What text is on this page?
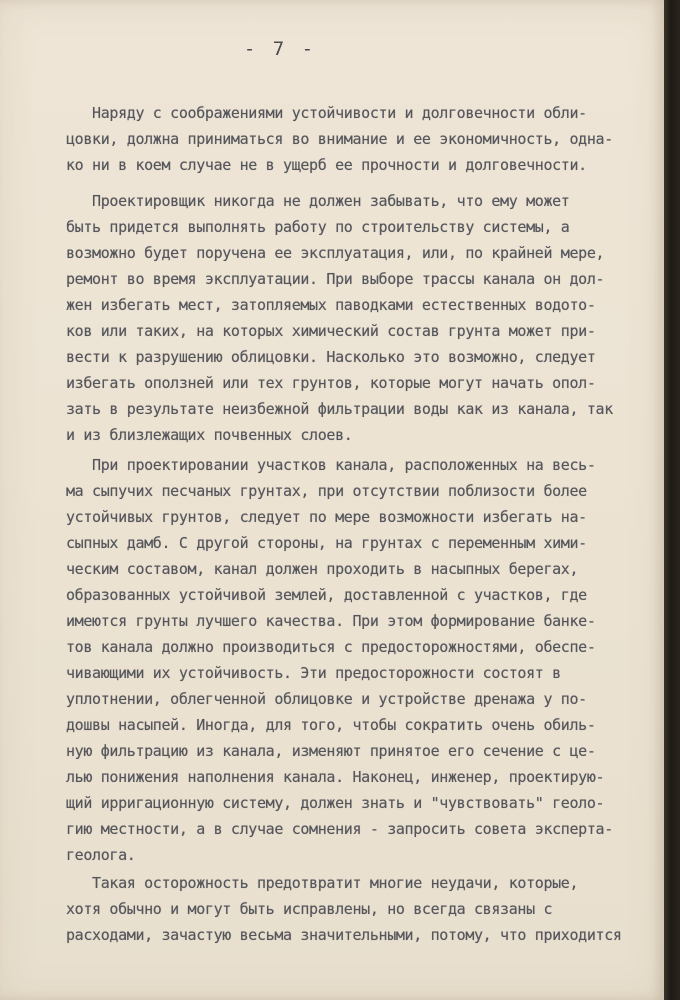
- 7 -
Наряду с соображениями устойчивости и долговечности обли-
цовки, должна приниматься во внимание и ее экономичность, одна-
ко ни в коем случае не в ущерб ее прочности и долговечности.
Проектировщик никогда не должен забывать, что ему может
быть придется выполнять работу по строительству системы, а
возможно будет поручена ее эксплуатация, или, по крайней мере,
ремонт во время эксплуатации. При выборе трассы канала он дол-
жен избегать мест, затопляемых паводками естественных водото-
ков или таких, на которых химический состав грунта может при-
вести к разрушению облицовки. Насколько это возможно, следует
избегать оползней или тех грунтов, которые могут начать опол-
зать в результате неизбежной фильтрации воды как из канала, так
и из близлежащих почвенных слоев.
При проектировании участков канала, расположенных на весь-
ма сыпучих песчаных грунтах, при отсутствии поблизости более
устойчивых грунтов, следует по мере возможности избегать на-
сыпных дамб. С другой стороны, на грунтах с переменным хими-
ческим составом, канал должен проходить в насыпных берегах,
образованных устойчивой землей, доставленной с участков, где
имеются грунты лучшего качества. При этом формирование банке-
тов канала должно производиться с предосторожностями, обеспе-
чивающими их устойчивость. Эти предосторожности состоят в
уплотнении, облегченной облицовке и устройстве дренажа у по-
дошвы насыпей. Иногда, для того, чтобы сократить очень обиль-
ную фильтрацию из канала, изменяют принятое его сечение с це-
лью понижения наполнения канала. Наконец, инженер, проектирую-
щий ирригационную систему, должен знать и "чувствовать" геоло-
гию местности, а в случае сомнения - запросить совета эксперта-
геолога.
Такая осторожность предотвратит многие неудачи, которые,
хотя обычно и могут быть исправлены, но всегда связаны с
расходами, зачастую весьма значительными, потому, что приходится
